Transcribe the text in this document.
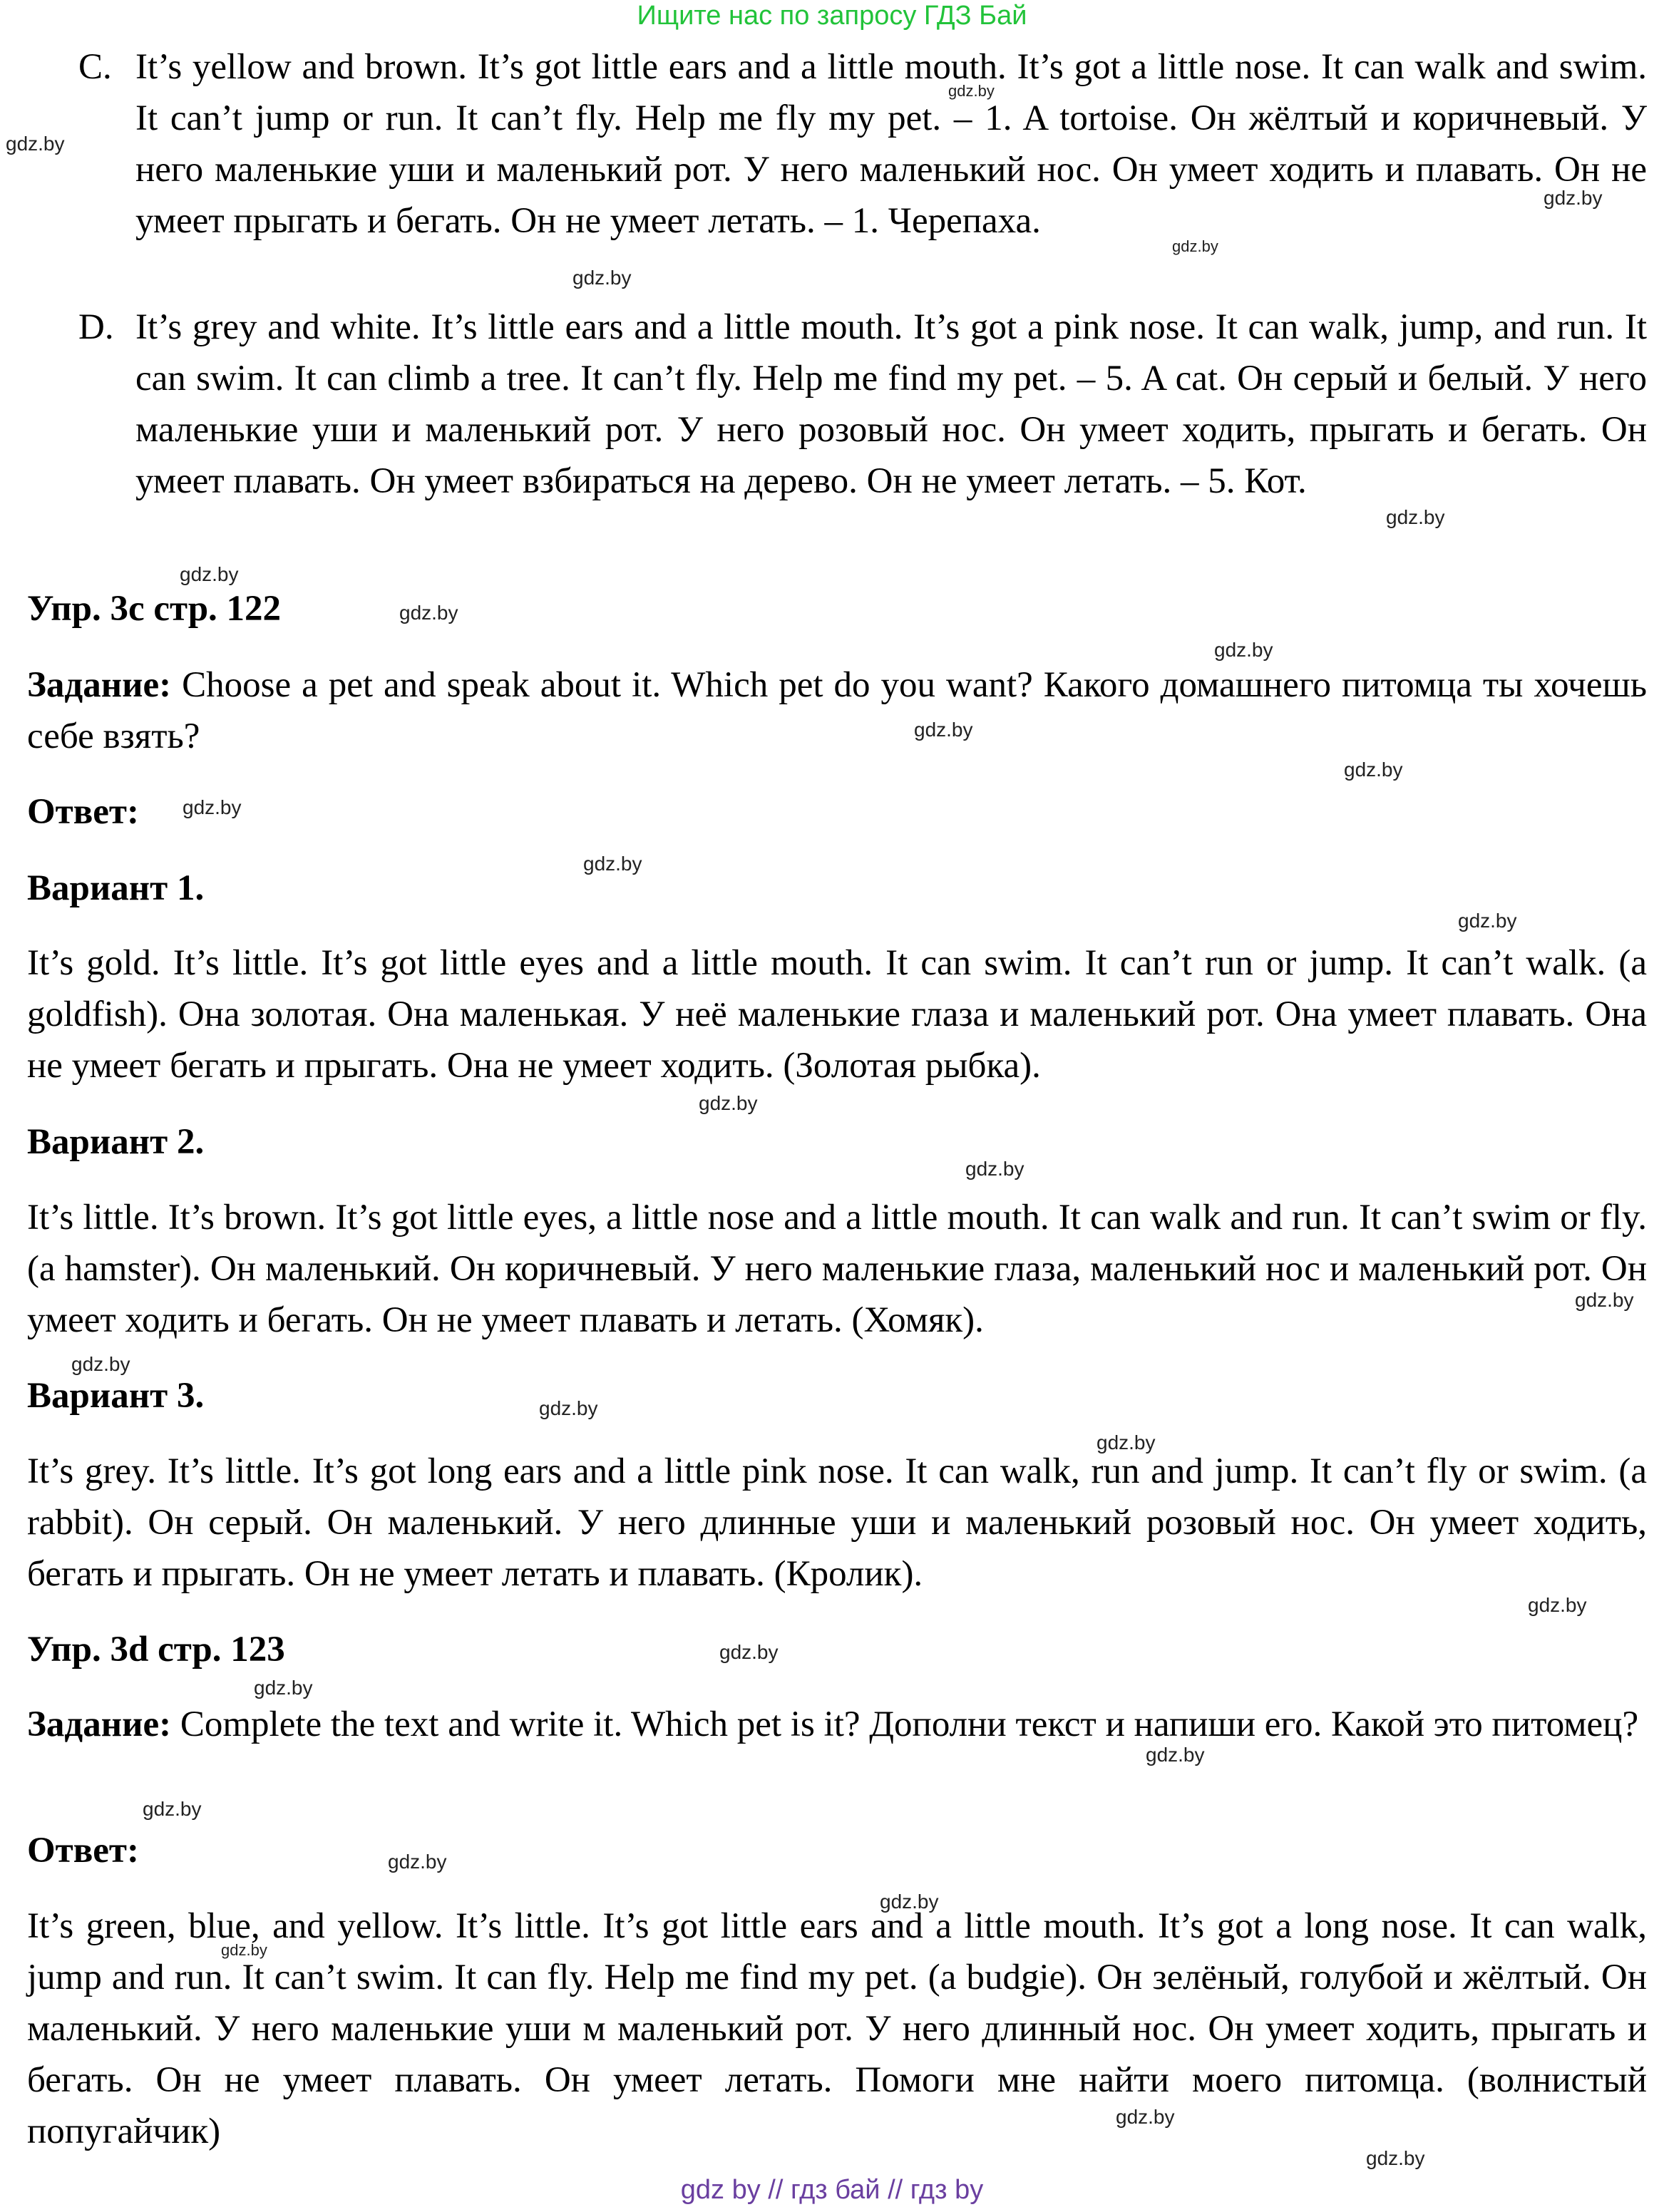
Ищите нас по запросу ГДЗ Бай
C. It’s yellow and brown. It’s got little ears and a little mouth. It’s got a little nose. It can walk and swim. It can’t jump or run. It can’t fly. Help me fly my pet. – 1. A tortoise. Он жёлтый и коричневый. У него маленькие уши и маленький рот. У него маленький нос. Он умеет ходить и плавать. Он не умеет прыгать и бегать. Он не умеет летать. – 1. Черепаха.
D. It’s grey and white. It’s little ears and a little mouth. It’s got a pink nose. It can walk, jump, and run. It can swim. It can climb a tree. It can’t fly. Help me find my pet. – 5. A cat. Он серый и белый. У него маленькие уши и маленький рот. У него розовый нос. Он умеет ходить, прыгать и бегать. Он умеет плавать. Он умеет взбираться на дерево. Он не умеет летать. – 5. Кот.
Упр. 3с стр. 122
Задание: Choose a pet and speak about it. Which pet do you want? Какого домашнего питомца ты хочешь себе взять?
Ответ:
Вариант 1.
It’s gold. It’s little. It’s got little eyes and a little mouth. It can swim. It can’t run or jump. It can’t walk. (a goldfish). Она золотая. Она маленькая. У неё маленькие глаза и маленький рот. Она умеет плавать. Она не умеет бегать и прыгать. Она не умеет ходить. (Золотая рыбка).
Вариант 2.
It’s little. It’s brown. It’s got little eyes, a little nose and a little mouth. It can walk and run. It can’t swim or fly. (a hamster). Он маленький. Он коричневый. У него маленькие глаза, маленький нос и маленький рот. Он умеет ходить и бегать. Он не умеет плавать и летать. (Хомяк).
Вариант 3.
It’s grey. It’s little. It’s got long ears and a little pink nose. It can walk, run and jump. It can’t fly or swim. (a rabbit). Он серый. Он маленький. У него длинные уши и маленький розовый нос. Он умеет ходить, бегать и прыгать. Он не умеет летать и плавать. (Кролик).
Упр. 3d стр. 123
Задание: Complete the text and write it. Which pet is it? Дополни текст и напиши его. Какой это питомец?
Ответ:
It’s green, blue, and yellow. It’s little. It’s got little ears and a little mouth. It’s got a long nose. It can walk, jump and run. It can’t swim. It can fly. Help me find my pet. (a budgie). Он зелёный, голубой и жёлтый. Он маленький. У него маленькие уши м маленький рот. У него длинный нос. Он умеет ходить, прыгать и бегать. Он не умеет плавать. Он умеет летать. Помоги мне найти моего питомца. (волнистый попугайчик)
gdz.by
gdz.by
gdz.by
gdz.by
gdz.by
gdz.by
gdz.by
gdz.by
gdz.by
gdz.by
gdz.by
gdz.by
gdz.by
gdz.by
gdz.by
gdz.by
gdz.by
gdz.by
gdz.by
gdz.by
gdz.by
gdz.by
gdz.by
gdz.by
gdz.by
gdz.by
gdz.by
gdz.by
gdz.by
gdz.by
gdz by // гдз бай // гдз by
